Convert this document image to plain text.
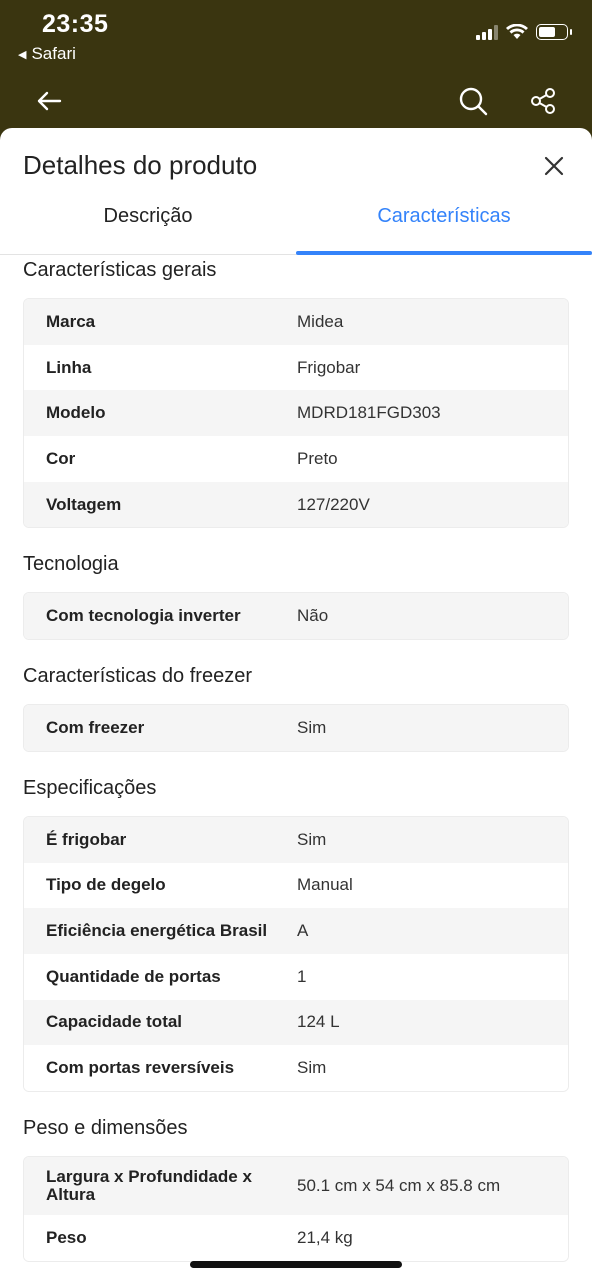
23:35
◀ Safari
Detalhes do produto
Descrição	Características
Características gerais
Marca	Midea
Linha	Frigobar
Modelo	MDRD181FGD303
Cor	Preto
Voltagem	127/220V
Tecnologia
Com tecnologia inverter	Não
Características do freezer
Com freezer	Sim
Especificações
É frigobar	Sim
Tipo de degelo	Manual
Eficiência energética Brasil	A
Quantidade de portas	1
Capacidade total	124 L
Com portas reversíveis	Sim
Peso e dimensões
Largura x Profundidade x Altura	50.1 cm x 54 cm x 85.8 cm
Peso	21,4 kg
